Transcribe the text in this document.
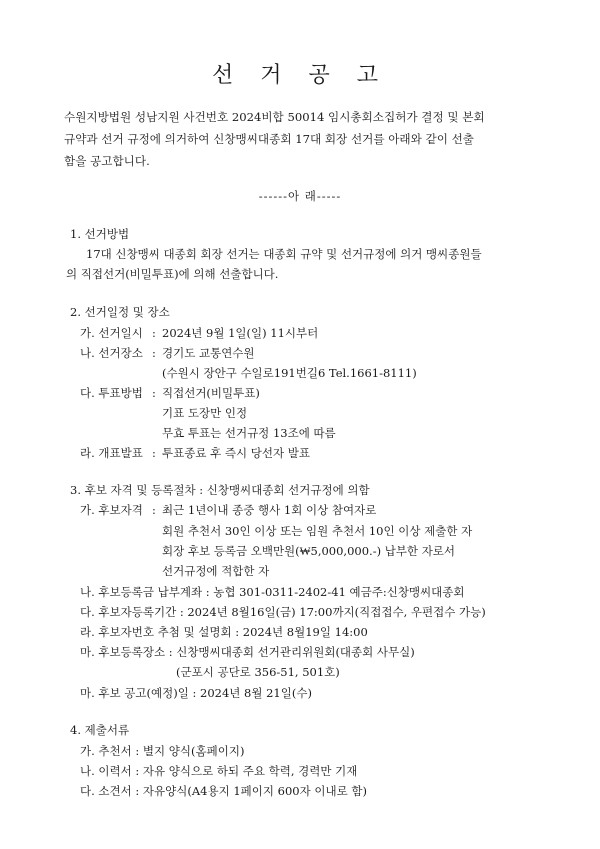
선 거 공 고
수원지방법원 성남지원 사건번호 2024비합 50014 임시총회소집허가 결정 및 본회
규약과 선거 규정에 의거하여 신창맹씨대종회 17대 회장 선거를 아래와 같이 선출
함을 공고합니다.
------아 래-----
1. 선거방법
17대 신창맹씨 대종회 회장 선거는 대종회 규약 및 선거규정에 의거 맹씨종원들
의 직접선거(비밀투표)에 의해 선출합니다.
2. 선거일정 및 장소
가. 선거일시 : 2024년 9월 1일(일) 11시부터
나. 선거장소 : 경기도 교통연수원
(수원시 장안구 수일로191번길6 Tel.1661-8111)
다. 투표방법 : 직접선거(비밀투표)
기표 도장만 인정
무효 투표는 선거규정 13조에 따름
라. 개표발표 : 투표종료 후 즉시 당선자 발표
3. 후보 자격 및 등록절차 : 신창맹씨대종회 선거규정에 의함
가. 후보자격 : 최근 1년이내 종중 행사 1회 이상 참여자로
회원 추천서 30인 이상 또는 임원 추천서 10인 이상 제출한 자
회장 후보 등록금 오백만원(₩5,000,000.-) 납부한 자로서
선거규정에 적합한 자
나. 후보등록금 납부계좌 : 농협 301-0311-2402-41 예금주:신창맹씨대종회
다. 후보자등록기간 : 2024년 8월16일(금) 17:00까지(직접접수, 우편접수 가능)
라. 후보자번호 추첨 및 설명회 : 2024년 8월19일 14:00
마. 후보등록장소 : 신창맹씨대종회 선거관리위원회(대종회 사무실)
(군포시 공단로 356-51, 501호)
마. 후보 공고(예정)일 : 2024년 8월 21일(수)
4. 제출서류
가. 추천서 : 별지 양식(홈페이지)
나. 이력서 : 자유 양식으로 하되 주요 학력, 경력만 기재
다. 소견서 : 자유양식(A4용지 1페이지 600자 이내로 함)
